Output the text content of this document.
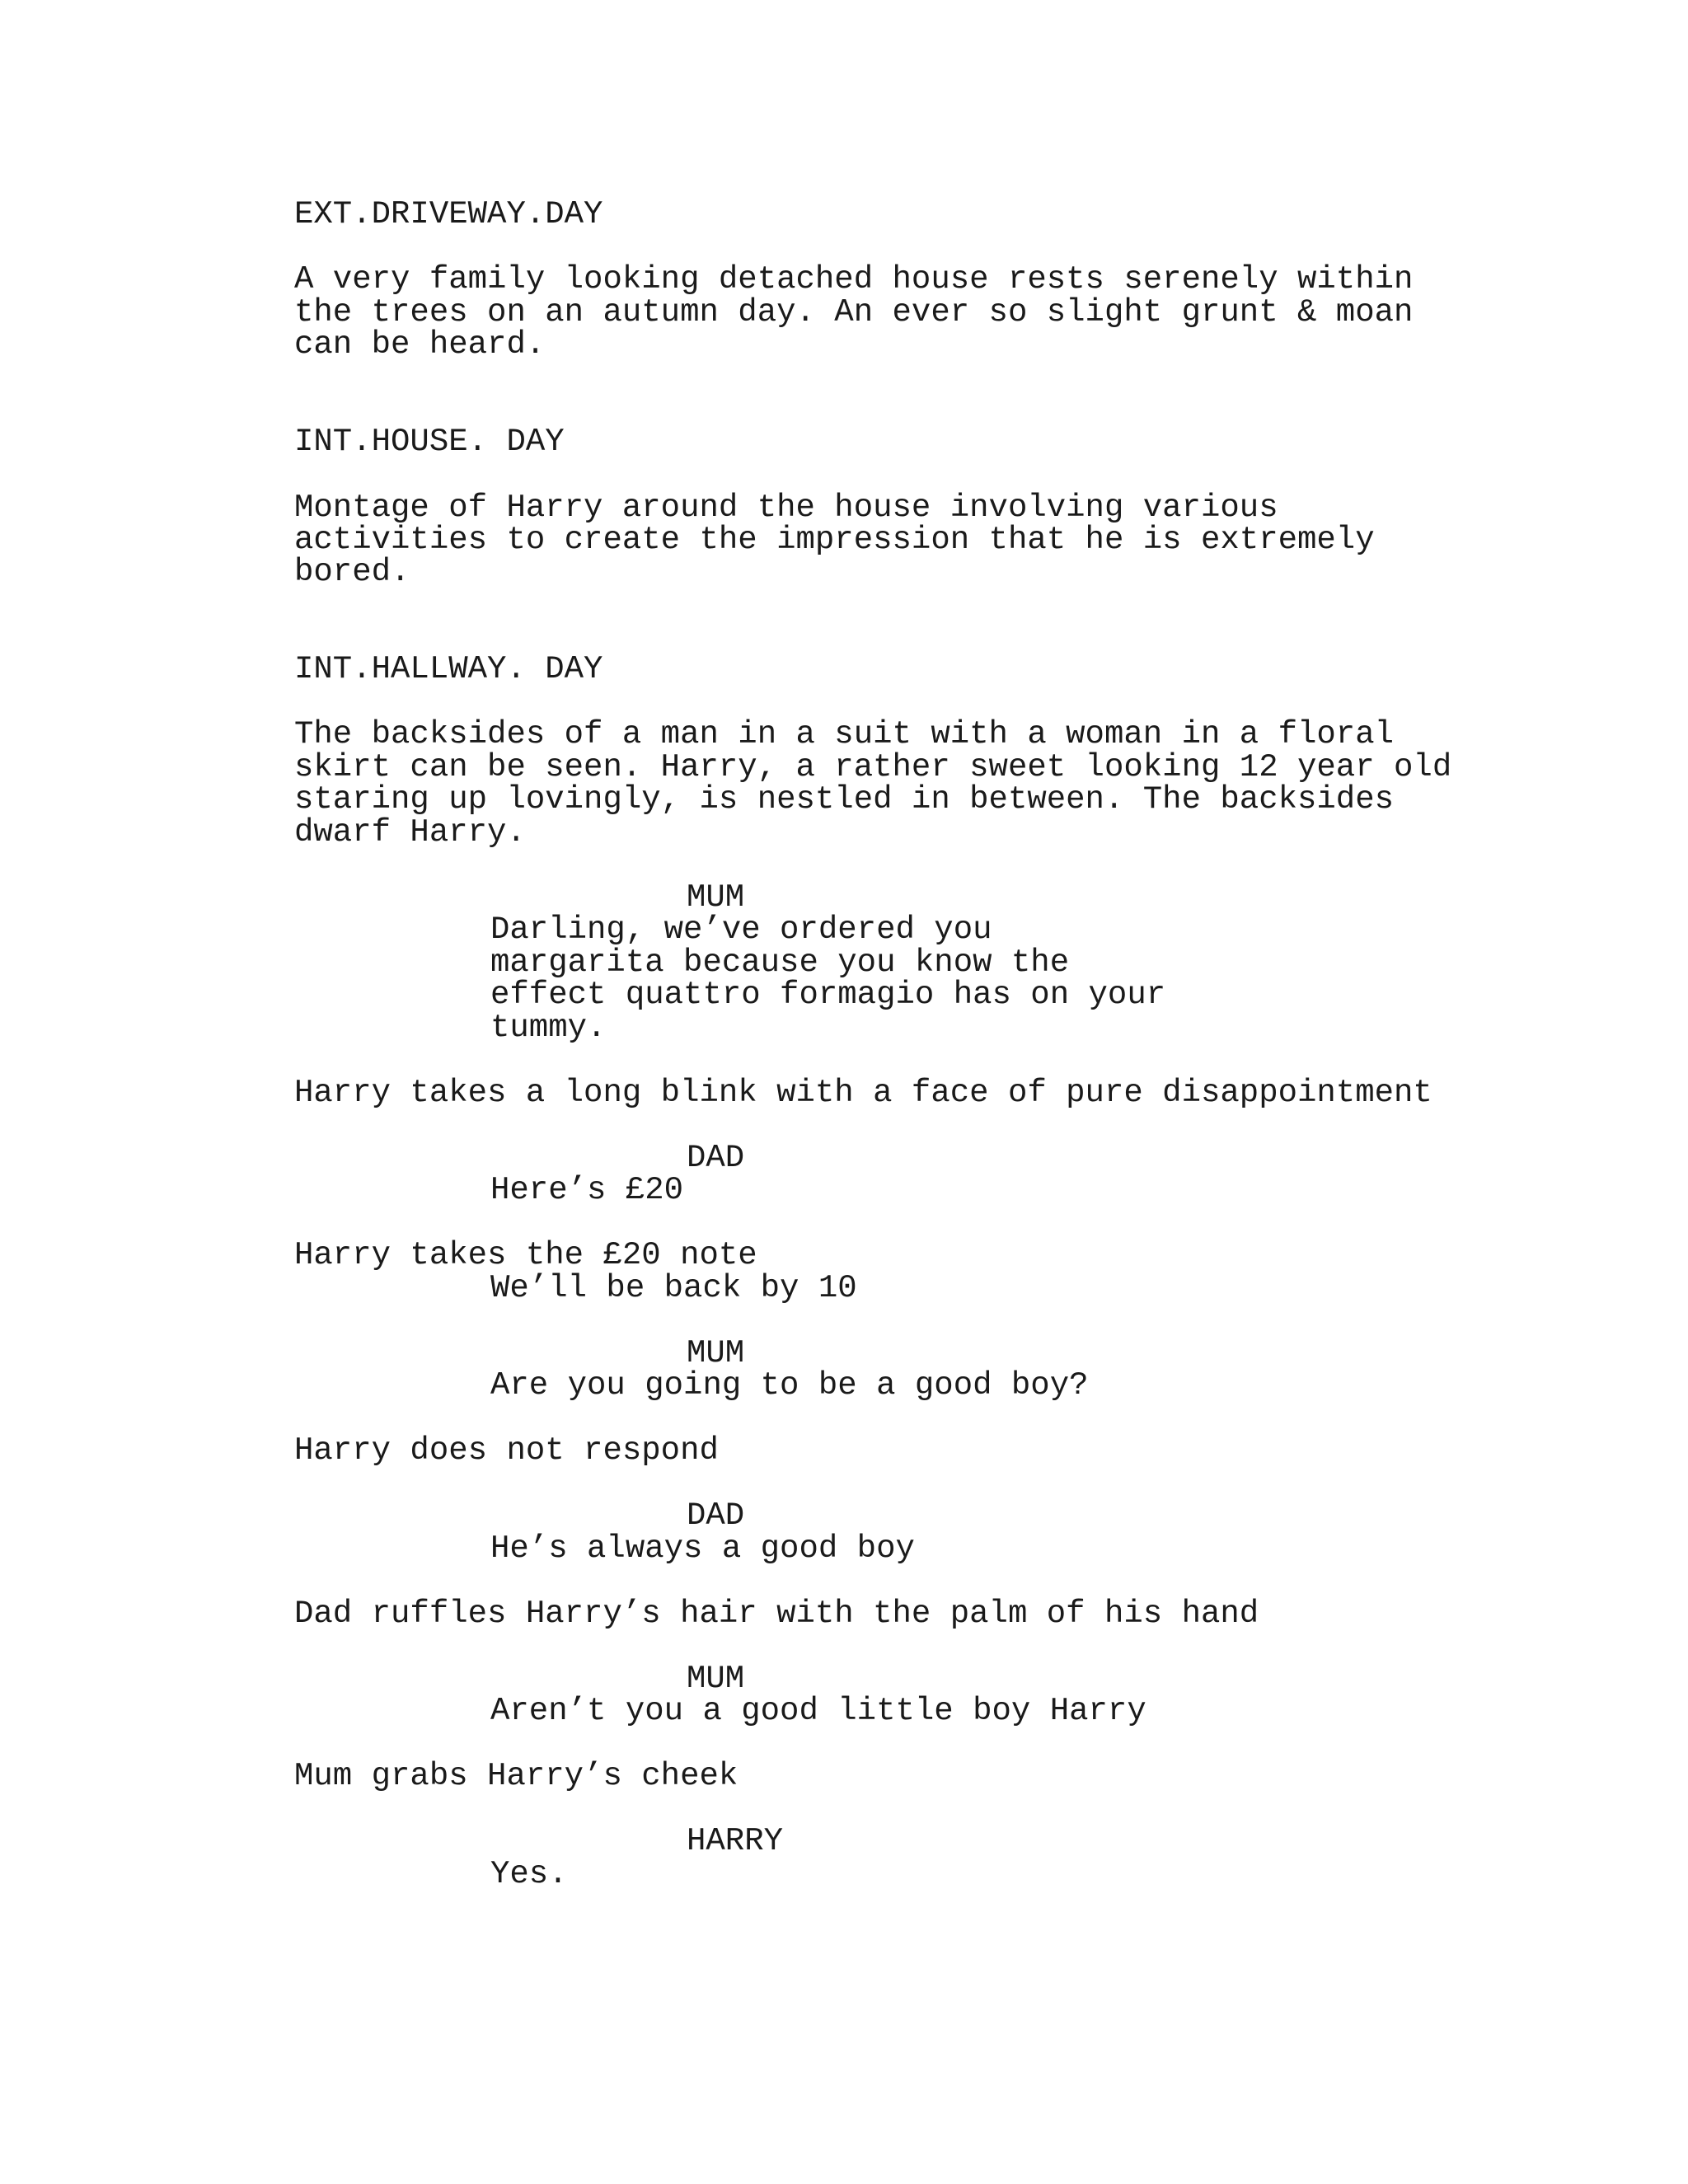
EXT.DRIVEWAY.DAY

A very family looking detached house rests serenely within

the trees on an autumn day. An ever so slight grunt & moan

can be heard.

INT.HOUSE. DAY

Montage of Harry around the house involving various

activities to create the impression that he is extremely

bored.

INT.HALLWAY. DAY

The backsides of a man in a suit with a woman in a floral

skirt can be seen. Harry, a rather sweet looking 12 year old

staring up lovingly, is nestled in between. The backsides

dwarf Harry.

MUM

Darling, we’ve ordered you

margarita because you know the

effect quattro formagio has on your

tummy.

Harry takes a long blink with a face of pure disappointment

DAD

Here’s £20

Harry takes the £20 note

We’ll be back by 10

MUM

Are you going to be a good boy?

Harry does not respond

DAD

He’s always a good boy

Dad ruffles Harry’s hair with the palm of his hand

MUM

Aren’t you a good little boy Harry

Mum grabs Harry’s cheek

HARRY

Yes.
